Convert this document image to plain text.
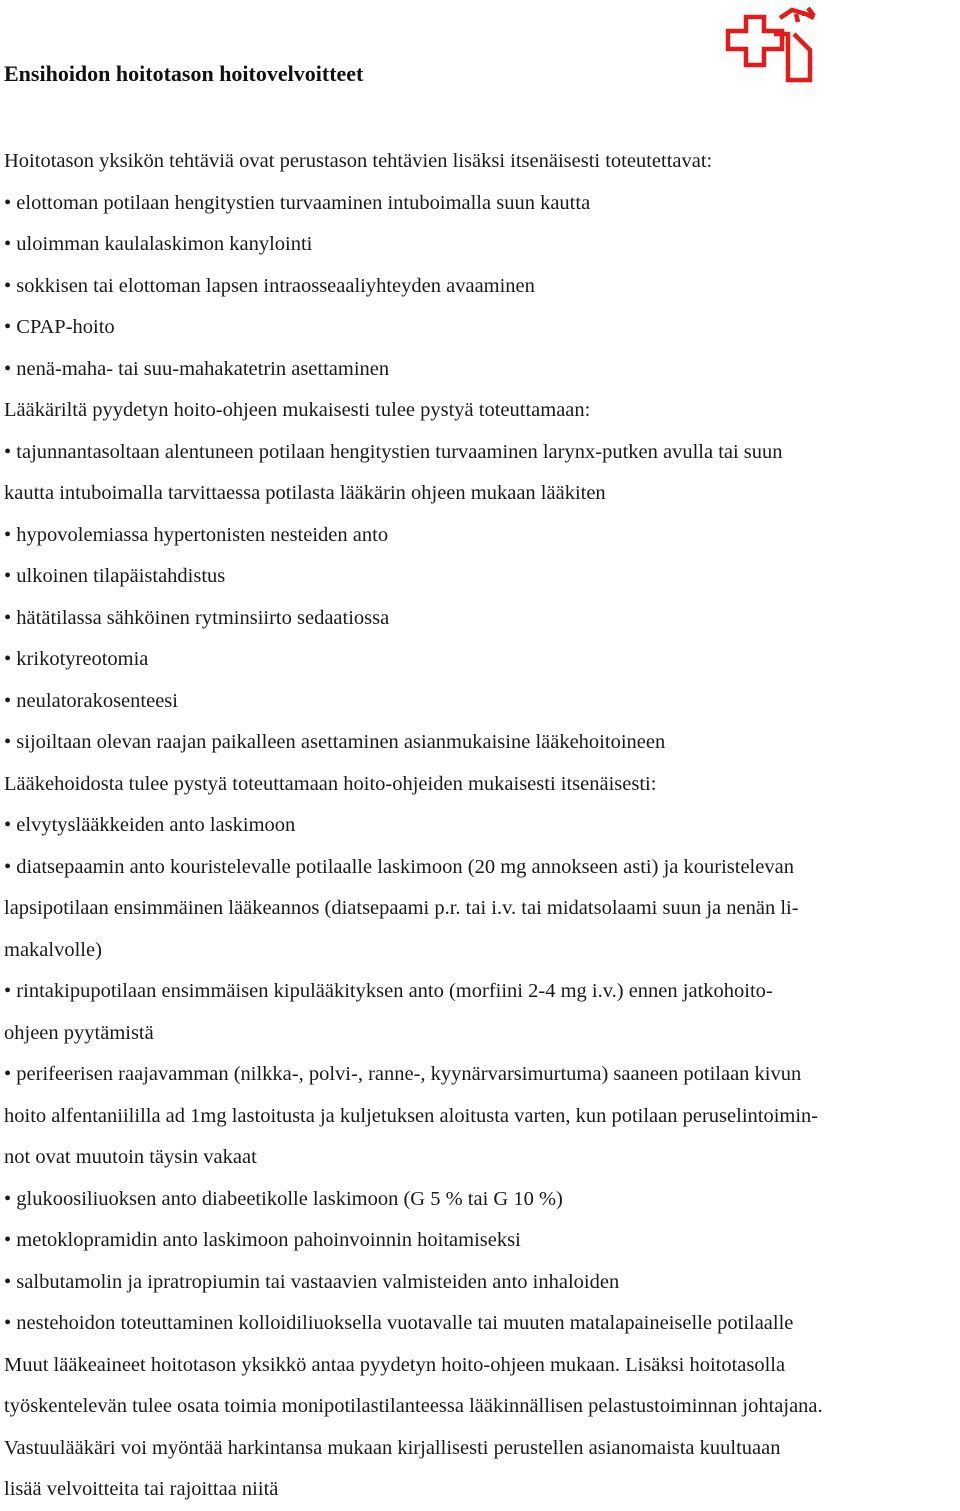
Ensihoidon hoitotason hoitovelvoitteet

Hoitotason yksikön tehtäviä ovat perustason tehtävien lisäksi itsenäisesti toteutettavat:

• elottoman potilaan hengitystien turvaaminen intuboimalla suun kautta

• uloimman kaulalaskimon kanylointi

• sokkisen tai elottoman lapsen intraosseaaliyhteyden avaaminen

• CPAP-hoito

• nenä-maha- tai suu-mahakatetrin asettaminen

Lääkäriltä pyydetyn hoito-ohjeen mukaisesti tulee pystyä toteuttamaan:

• tajunnantasoltaan alentuneen potilaan hengitystien turvaaminen larynx-putken avulla tai suun

kautta intuboimalla tarvittaessa potilasta lääkärin ohjeen mukaan lääkiten

• hypovolemiassa hypertonisten nesteiden anto

• ulkoinen tilapäistahdistus

• hätätilassa sähköinen rytminsiirto sedaatiossa

• krikotyreotomia

• neulatorakosenteesi

• sijoiltaan olevan raajan paikalleen asettaminen asianmukaisine lääkehoitoineen

Lääkehoidosta tulee pystyä toteuttamaan hoito-ohjeiden mukaisesti itsenäisesti:

• elvytyslääkkeiden anto laskimoon

• diatsepaamin anto kouristelevalle potilaalle laskimoon (20 mg annokseen asti) ja kouristelevan

lapsipotilaan ensimmäinen lääkeannos (diatsepaami p.r. tai i.v. tai midatsolaami suun ja nenän li-

makalvolle)

• rintakipupotilaan ensimmäisen kipulääkityksen anto (morfiini 2-4 mg i.v.) ennen jatkohoito-

ohjeen pyytämistä

• perifeerisen raajavamman (nilkka-, polvi-, ranne-, kyynärvarsimurtuma) saaneen potilaan kivun

hoito alfentaniililla ad 1mg lastoitusta ja kuljetuksen aloitusta varten, kun potilaan peruselintoimin-

not ovat muutoin täysin vakaat

• glukoosiliuoksen anto diabeetikolle laskimoon (G 5 % tai G 10 %)

• metoklopramidin anto laskimoon pahoinvoinnin hoitamiseksi

• salbutamolin ja ipratropiumin tai vastaavien valmisteiden anto inhaloiden

• nestehoidon toteuttaminen kolloidiliuoksella vuotavalle tai muuten matalapaineiselle potilaalle

Muut lääkeaineet hoitotason yksikkö antaa pyydetyn hoito-ohjeen mukaan. Lisäksi hoitotasolla

työskentelevän tulee osata toimia monipotilastilanteessa lääkinnällisen pelastustoiminnan johtajana.

Vastuulääkäri voi myöntää harkintansa mukaan kirjallisesti perustellen asianomaista kuultuaan

lisää velvoitteita tai rajoittaa niitä
